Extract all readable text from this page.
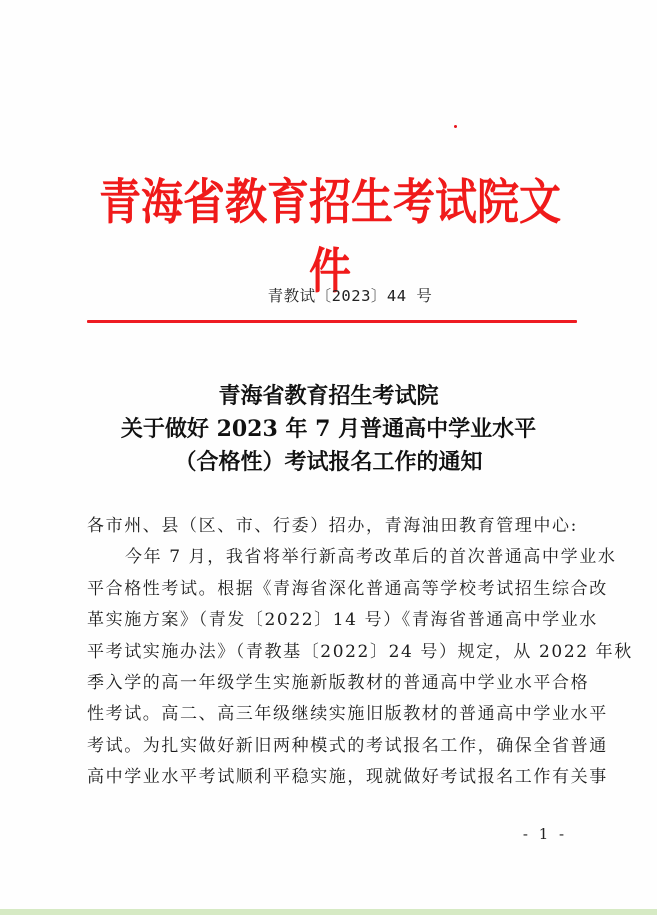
青海省教育招生考试院文件
青教试〔2023〕44 号
青海省教育招生考试院
关于做好 2023 年 7 月普通高中学业水平
（合格性）考试报名工作的通知
各市州、县（区、市、行委）招办，青海油田教育管理中心:
今年 7 月，我省将举行新高考改革后的首次普通高中学业水
平合格性考试。根据《青海省深化普通高等学校考试招生综合改
革实施方案》（青发〔2022〕14 号）《青海省普通高中学业水
平考试实施办法》（青教基〔2022〕24 号）规定，从 2022 年秋
季入学的高一年级学生实施新版教材的普通高中学业水平合格
性考试。高二、高三年级继续实施旧版教材的普通高中学业水平
考试。为扎实做好新旧两种模式的考试报名工作，确保全省普通
高中学业水平考试顺利平稳实施，现就做好考试报名工作有关事
- 1 -
